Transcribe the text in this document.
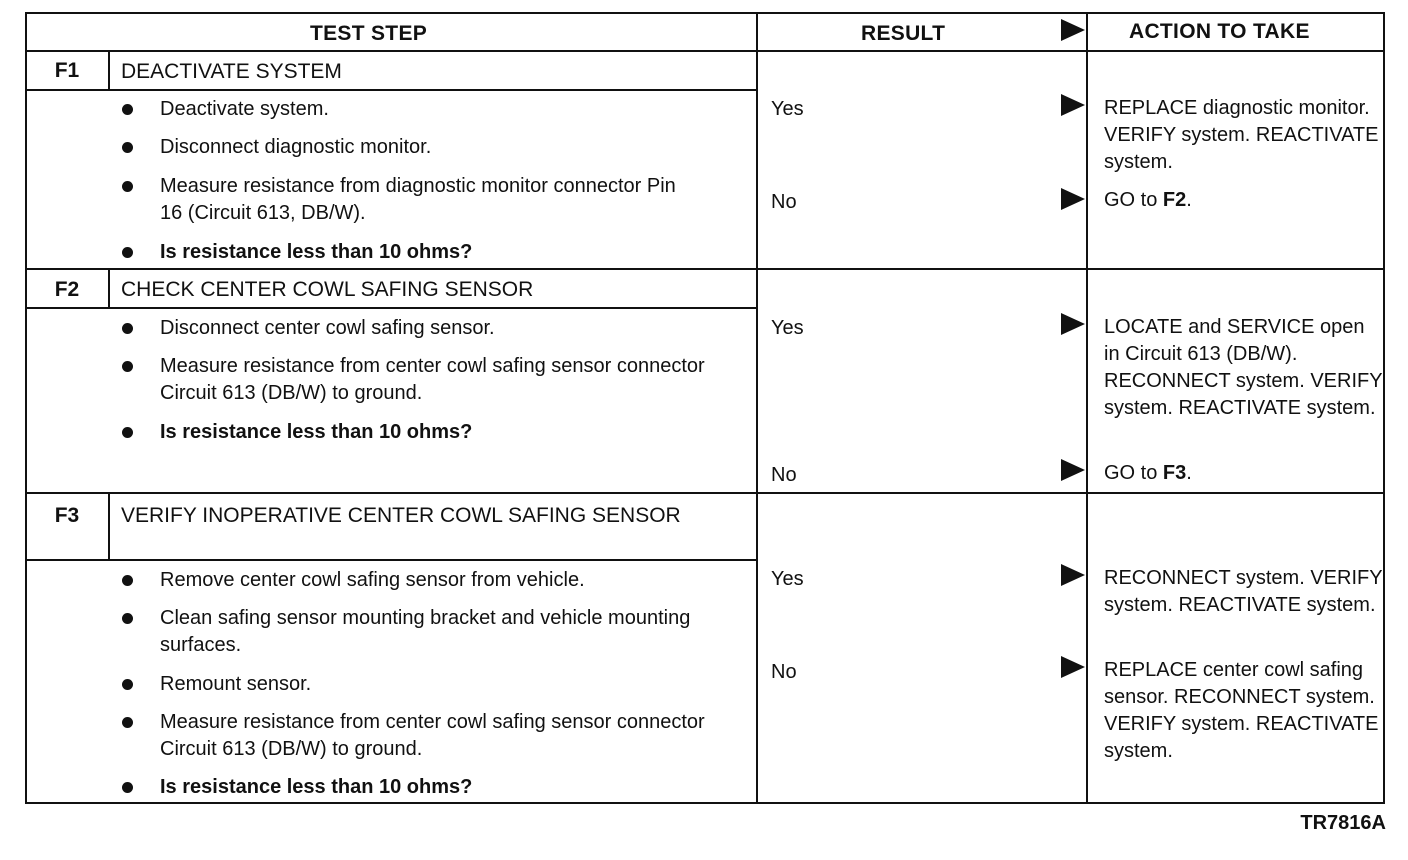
TEST STEP	RESULT	ACTION TO TAKE
F1	DEACTIVATE SYSTEM
Deactivate system.
Disconnect diagnostic monitor.
Measure resistance from diagnostic monitor connector Pin 16 (Circuit 613, DB/W).
Is resistance less than 10 ohms?
Yes	REPLACE diagnostic monitor. VERIFY system. REACTIVATE system.
No	GO to F2.
F2	CHECK CENTER COWL SAFING SENSOR
Disconnect center cowl safing sensor.
Measure resistance from center cowl safing sensor connector Circuit 613 (DB/W) to ground.
Is resistance less than 10 ohms?
Yes	LOCATE and SERVICE open in Circuit 613 (DB/W). RECONNECT system. VERIFY system. REACTIVATE system.
No	GO to F3.
F3	VERIFY INOPERATIVE CENTER COWL SAFING SENSOR
Remove center cowl safing sensor from vehicle.
Clean safing sensor mounting bracket and vehicle mounting surfaces.
Remount sensor.
Measure resistance from center cowl safing sensor connector Circuit 613 (DB/W) to ground.
Is resistance less than 10 ohms?
Yes	RECONNECT system. VERIFY system. REACTIVATE system.
No	REPLACE center cowl safing sensor. RECONNECT system. VERIFY system. REACTIVATE system.
TR7816A
